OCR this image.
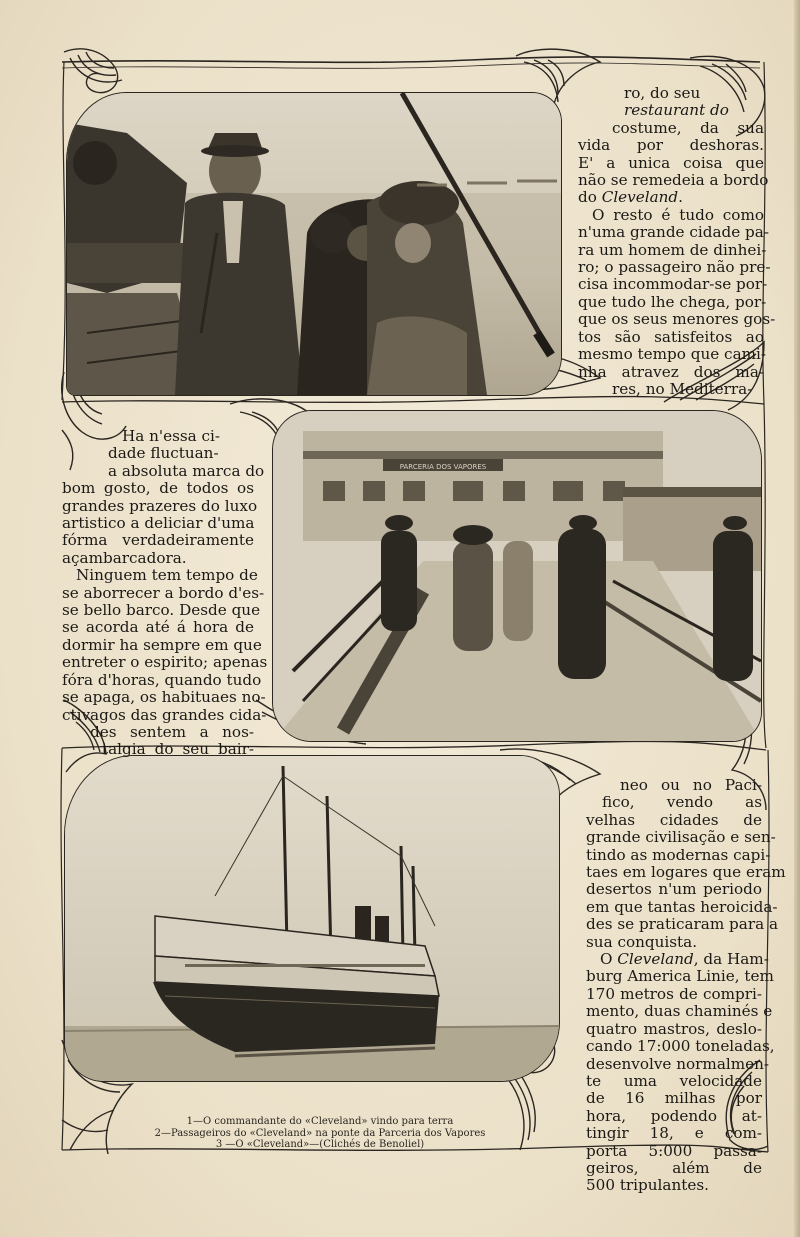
PARCERIA DOS VAPORES
ro, do seu
restaurant do
costume, da sua
vida por deshoras.
E' a unica coisa que
não se remedeia a bordo
do Cleveland.
O resto é tudo como
n'uma grande cidade pa-
ra um homem de dinhei-
ro; o passageiro não pre-
cisa incommodar-se por-
que tudo lhe chega, por-
que os seus menores gos-
tos são satisfeitos ao
mesmo tempo que cami-
nha atravez dos ma-
res, no Mediterra-
Ha n'essa ci-
dade fluctuan-
a absoluta marca do
bom gosto, de todos os
grandes prazeres do luxo
artistico a deliciar d'uma
fórma verdadeiramente
açambarcadora.
Ninguem tem tempo de
se aborrecer a bordo d'es-
se bello barco. Desde que
se acorda até á hora de
dormir ha sempre em que
entreter o espirito; apenas
fóra d'horas, quando tudo
se apaga, os habituaes no-
ctivagos das grandes cida-
des sentem a nos-
talgia do seu bair-
neo ou no Paci-
fico, vendo as
velhas cidades de
grande civilisação e sen-
tindo as modernas capi-
taes em logares que eram
desertos n'um periodo
em que tantas heroicida-
des se praticaram para a
sua conquista.
O Cleveland, da Ham-
burg America Linie, tem
170 metros de compri-
mento, duas chaminés e
quatro mastros, deslo-
cando 17:000 toneladas,
desenvolve normalmen-
te uma velocidade
de 16 milhas por
hora, podendo at-
tingir 18, e com-
porta 5:000 passa-
geiros, além de
500 tripulantes.
1—O commandante do «Cleveland» vindo para terra
2—Passageiros do «Cleveland» na ponte da Parceria dos Vapores
3 —O «Cleveland»—(Clichés de Benoliel)
